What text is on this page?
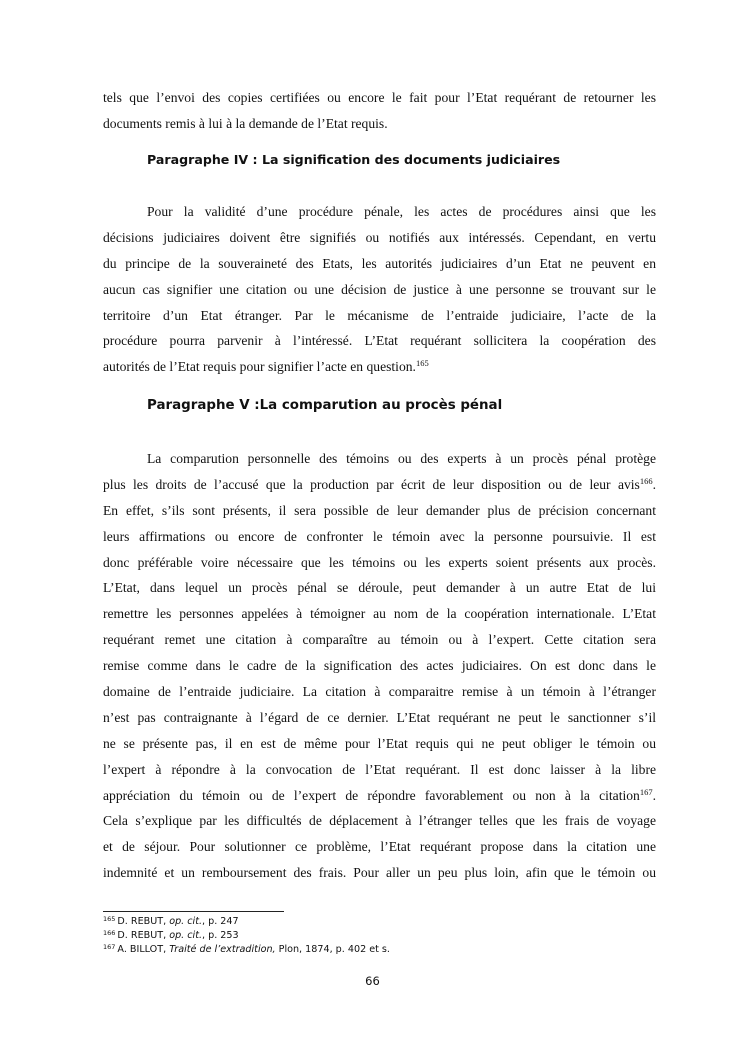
tels que l’envoi des copies certifiées ou encore le fait pour l’Etat requérant de retourner les
documents remis à lui à la demande de l’Etat requis.
Paragraphe IV : La signification des documents judiciaires
Pour la validité d’une procédure pénale, les actes de procédures ainsi que les
décisions judiciaires doivent être signifiés ou notifiés aux intéressés. Cependant, en vertu
du principe de la souveraineté des Etats, les autorités judiciaires d’un Etat ne peuvent en
aucun cas signifier une citation ou une décision de justice à une personne se trouvant sur le
territoire d’un Etat étranger. Par le mécanisme de l’entraide judiciaire, l’acte de la
procédure pourra parvenir à l’intéressé. L’Etat requérant sollicitera la coopération des
autorités de l’Etat requis pour signifier l’acte en question.$^{165}$
Paragraphe V :La comparution au procès pénal
La comparution personnelle des témoins ou des experts à un procès pénal protège
plus les droits de l’accusé que la production par écrit de leur disposition ou de leur avis$^{166}$.
En effet, s’ils sont présents, il sera possible de leur demander plus de précision concernant
leurs affirmations ou encore de confronter le témoin avec la personne poursuivie. Il est
donc préférable voire nécessaire que les témoins ou les experts soient présents aux procès.
L’Etat, dans lequel un procès pénal se déroule, peut demander à un autre Etat de lui
remettre les personnes appelées à témoigner au nom de la coopération internationale. L’Etat
requérant remet une citation à comparaître au témoin ou à l’expert. Cette citation sera
remise comme dans le cadre de la signification des actes judiciaires. On est donc dans le
domaine de l’entraide judiciaire. La citation à comparaitre remise à un témoin à l’étranger
n’est pas contraignante à l’égard de ce dernier. L’Etat requérant ne peut le sanctionner s’il
ne se présente pas, il en est de même pour l’Etat requis qui ne peut obliger le témoin ou
l’expert à répondre à la convocation de l’Etat requérant. Il est donc laisser à la libre
appréciation du témoin ou de l’expert de répondre favorablement ou non à la citation$^{167}$.
Cela s’explique par les difficultés de déplacement à l’étranger telles que les frais de voyage
et de séjour. Pour solutionner ce problème, l’Etat requérant propose dans la citation une
indemnité et un remboursement des frais. Pour aller un peu plus loin, afin que le témoin ou
$^{165}$ D. REBUT, op. cit., p. 247
$^{166}$ D. REBUT, op. cit., p. 253
$^{167}$ A. BILLOT, Traité de l’extradition, Plon, 1874, p. 402 et s.
66
